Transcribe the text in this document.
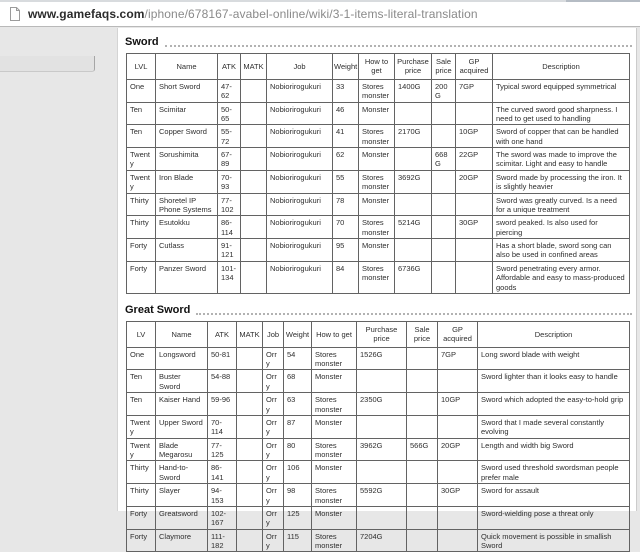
www.gamefaqs.com/iphone/678167-avabel-online/wiki/3-1-items-literal-translation
Sword
LVL	Name	ATK	MATK	Job	Weight	How to get	Purchase price	Sale price	GP acquired	Description
One	Short Sword	47-62		Nobiorirogukuri	33	Stores monster	1400G	200G	7GP	Typical sword equipped symmetrical
Ten	Scimitar	50-65		Nobiorirogukuri	46	Monster				The curved sword good sharpness. I need to get used to handling
Ten	Copper Sword	55-72		Nobiorirogukuri	41	Stores monster	2170G		10GP	Sword of copper that can be handled with one hand
Twenty	Sorushimita	67-89		Nobiorirogukuri	62	Monster		668G	22GP	The sword was made to improve the scimitar. Light and easy to handle
Twenty	Iron Blade	70-93		Nobiorirogukuri	55	Stores monster	3692G		20GP	Sword made by processing the iron. It is slightly heavier
Thirty	Shoretel IP Phone Systems	77-102		Nobiorirogukuri	78	Monster				Sword was greatly curved. Is a need for a unique treatment
Thirty	Esutokku	86-114		Nobiorirogukuri	70	Stores monster	5214G		30GP	sword peaked. Is also used for piercing
Forty	Cutlass	91-121		Nobiorirogukuri	95	Monster				Has a short blade, sword song can also be used in confined areas
Forty	Panzer Sword	101-134		Nobiorirogukuri	84	Stores monster	6736G			Sword penetrating every armor. Affordable and easy to mass-produced goods
Great Sword
LV	Name	ATK	MATK	Job	Weight	How to get	Purchase price	Sale price	GP acquired	Description
One	Longsword	50-81		Orry	54	Stores monster	1526G		7GP	Long sword blade with weight
Ten	Buster Sword	54-88		Orry	68	Monster				Sword lighter than it looks easy to handle
Ten	Kaiser Hand	59-96		Orry	63	Stores monster	2350G		10GP	Sword which adopted the easy-to-hold grip
Twenty	Upper Sword	70-114		Orry	87	Monster				Sword that I made several constantly evolving
Twenty	Blade Megarosu	77-125		Orry	80	Stores monster	3962G	566G	20GP	Length and width big Sword
Thirty	Hand-to-Sword	86-141		Orry	106	Monster				Sword used threshold swordsman people prefer male
Thirty	Slayer	94-153		Orry	98	Stores monster	5592G		30GP	Sword for assault
Forty	Greatsword	102-167		Orry	125	Monster				Sword-wielding pose a threat only
Forty	Claymore	111-182		Orry	115	Stores monster	7204G			Quick movement is possible in smallish Sword
